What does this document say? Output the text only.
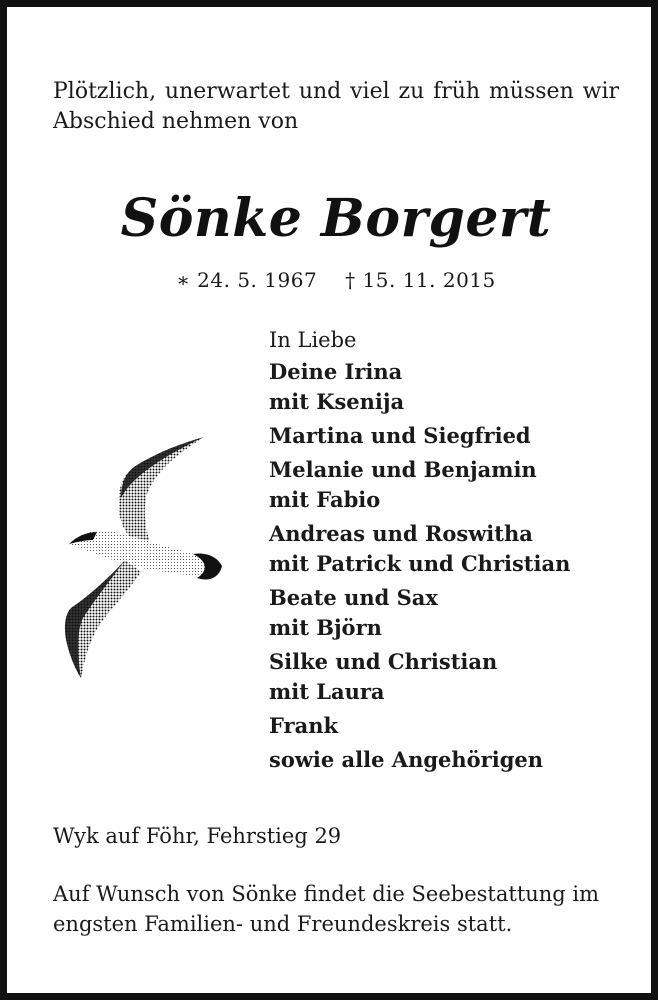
Plötzlich, unerwartet und viel zu früh müssen wir
Abschied nehmen von
Sönke Borgert
∗ 24. 5. 1967 † 15. 11. 2015
In Liebe
Deine Irina
mit Ksenija
Martina und Siegfried
Melanie und Benjamin
mit Fabio
Andreas und Roswitha
mit Patrick und Christian
Beate und Sax
mit Björn
Silke und Christian
mit Laura
Frank
sowie alle Angehörigen
Wyk auf Föhr, Fehrstieg 29
Auf Wunsch von Sönke findet die Seebestattung im
engsten Familien- und Freundeskreis statt.
